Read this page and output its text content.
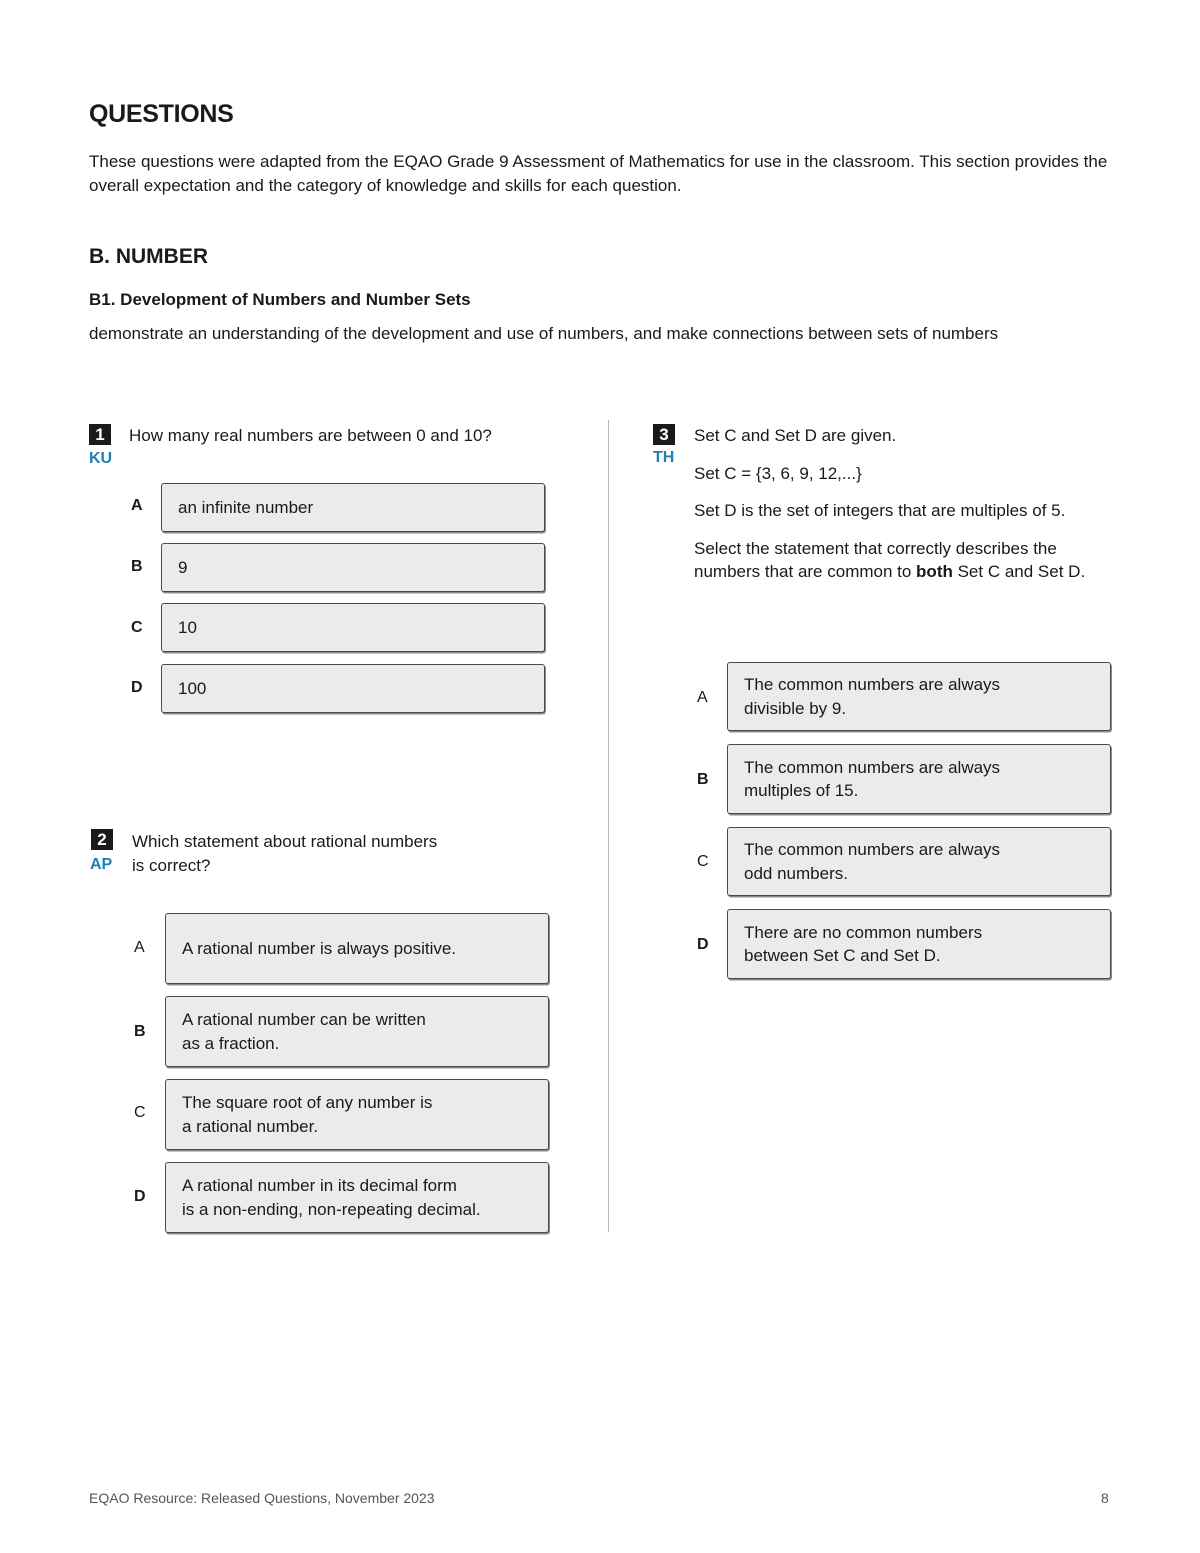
QUESTIONS
These questions were adapted from the EQAO Grade 9 Assessment of Mathematics for use in the classroom. This section provides the overall expectation and the category of knowledge and skills for each question.
B. NUMBER
B1. Development of Numbers and Number Sets
demonstrate an understanding of the development and use of numbers, and make connections between sets of numbers
1
KU
How many real numbers are between 0 and 10?
A	an infinite number
B	9
C	10
D	100
2
AP
Which statement about rational numbers
is correct?
A	A rational number is always positive.
B
A rational number can be written
as a fraction.
C
The square root of any number is
a rational number.
D
A rational number in its decimal form
is a non-ending, non-repeating decimal.
3
TH

Set C and Set D are given.

Set C = {3, 6, 9, 12,...}

Set D is the set of integers that are multiples of 5.

Select the statement that correctly describes the numbers that are common to both Set C and Set D.

A
The common numbers are always
divisible by 9.
B
The common numbers are always
multiples of 15.
C
The common numbers are always
odd numbers.
D
There are no common numbers
between Set C and Set D.
EQAO Resource: Released Questions, November 2023	8
